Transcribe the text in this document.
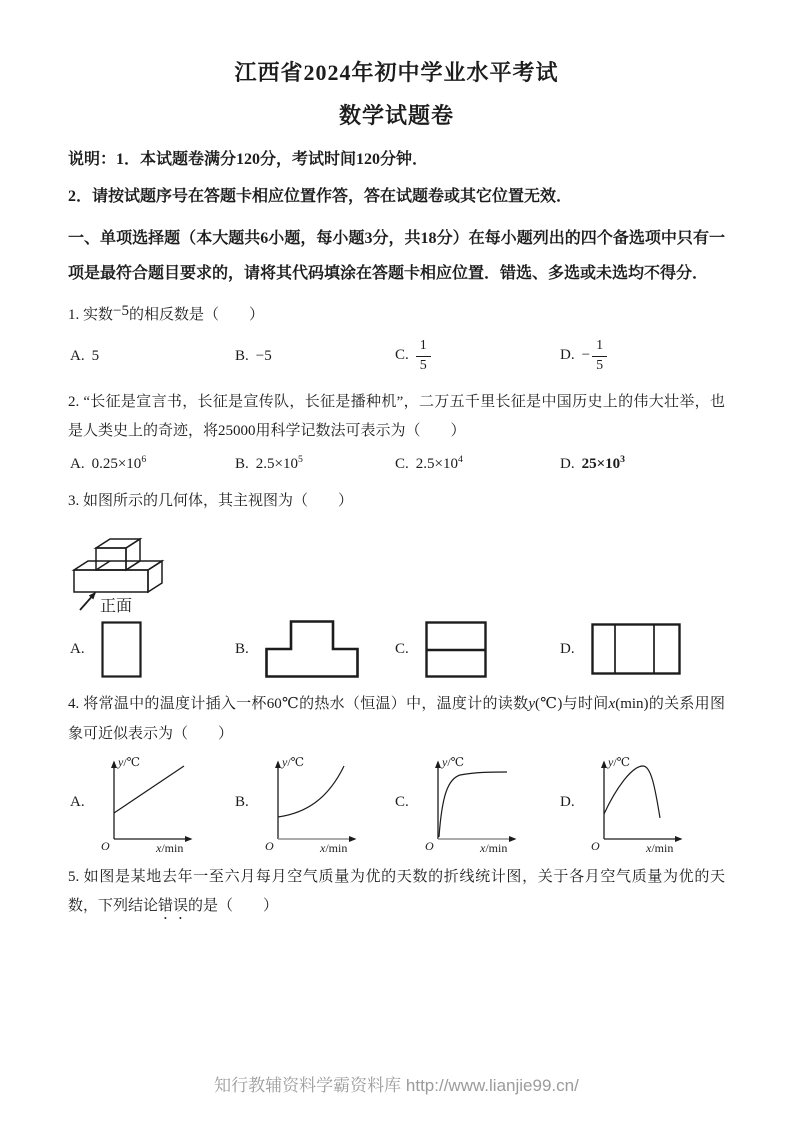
江西省2024年初中学业水平考试
数学试题卷

说明：1．本试题卷满分120分，考试时间120分钟．

2．请按试题序号在答题卡相应位置作答，答在试题卷或其它位置无效．

一、单项选择题（本大题共6小题，每小题3分，共18分）在每小题列出的四个备选项中只有一项是最符合题目要求的，请将其代码填涂在答题卡相应位置．错选、多选或未选均不得分．

1. 实数−5的相反数是（　　）

A. 5	B. −5	C. $\frac{1}{5}$	D. − $\frac{1}{5}$

2. “长征是宣言书，长征是宣传队，长征是播种机”，二万五千里长征是中国历史上的伟大壮举，也是人类史上的奇迹，将25000用科学记数法可表示为（　　）

A. $0.25\times 10^6$	B. $2.5\times 10^5$	C. $2.5\times 10^4$	D. $25\times 10^3$

3. 如图所示的几何体，其主视图为（　　）

正面
A.	B.	C.	D.

4. 将常温中的温度计插入一杯60℃的热水（恒温）中，温度计的读数y(℃)与时间x(min)的关系用图象可近似表示为（　　）

A.
O
y/℃
x/min
B.
O
y/℃
x/min
C.
O
y/℃
x/min
D.
O
y/℃
x/min

5. 如图是某地去年一至六月每月空气质量为优的天数的折线统计图，关于各月空气质量为优的天数，下列结论错误的是（　　）

知行教辅资料学霸资料库 http://www.lianjie99.cn/
